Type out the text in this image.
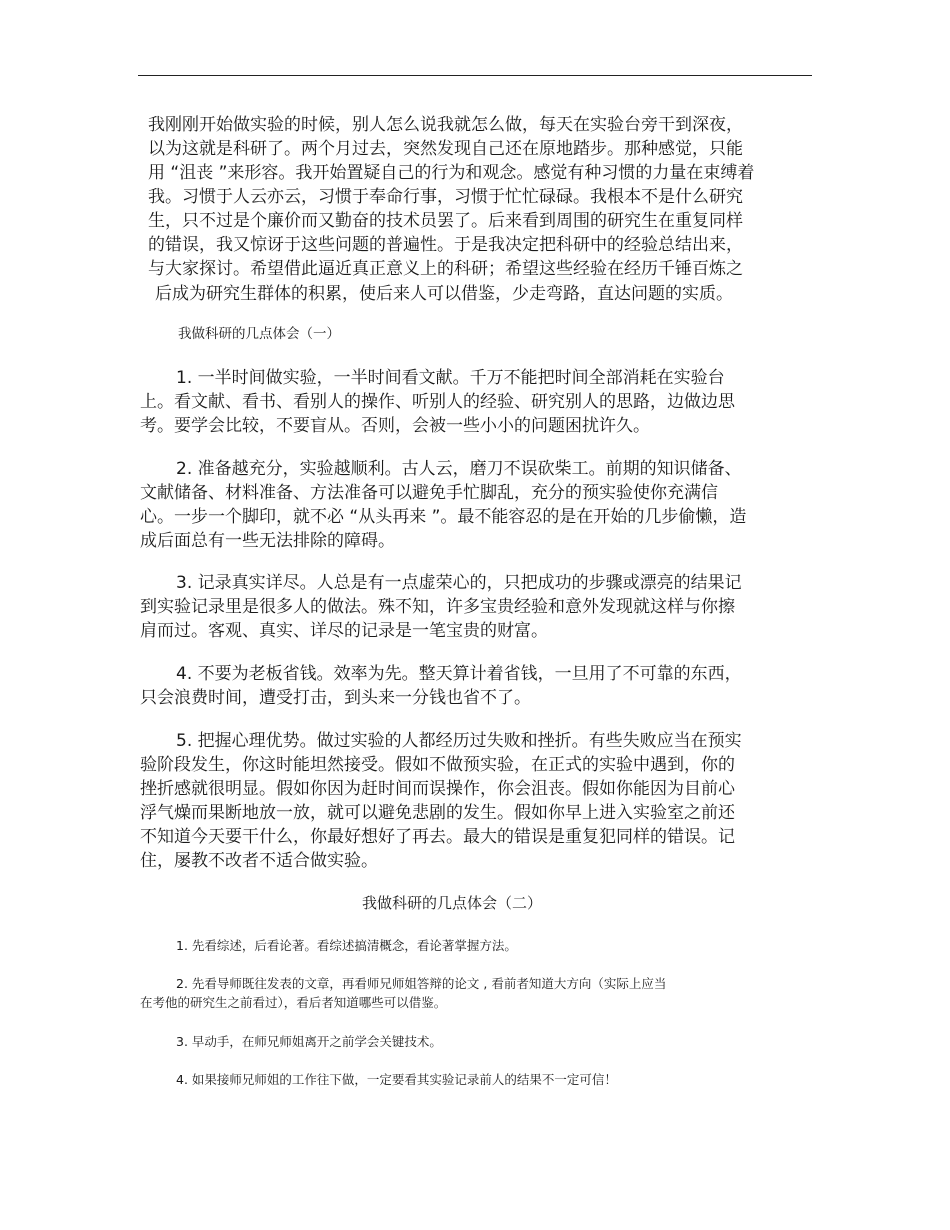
我刚刚开始做实验的时候，别人怎么说我就怎么做，每天在实验台旁干到深夜，
以为这就是科研了。两个月过去，突然发现自己还在原地踏步。那种感觉，只能
用 “沮丧 ”来形容。我开始置疑自己的行为和观念。感觉有种习惯的力量在束缚着
我。习惯于人云亦云，习惯于奉命行事，习惯于忙忙碌碌。我根本不是什么研究
生，只不过是个廉价而又勤奋的技术员罢了。后来看到周围的研究生在重复同样
的错误，我又惊讶于这些问题的普遍性。于是我决定把科研中的经验总结出来，
与大家探讨。希望借此逼近真正意义上的科研；希望这些经验在经历千锤百炼之
后成为研究生群体的积累，使后来人可以借鉴，少走弯路，直达问题的实质。
我做科研的几点体会（一）
1. 一半时间做实验，一半时间看文献。千万不能把时间全部消耗在实验台
上。看文献、看书、看别人的操作、听别人的经验、研究别人的思路，边做边思
考。要学会比较，不要盲从。否则，会被一些小小的问题困扰许久。
2. 准备越充分，实验越顺利。古人云，磨刀不误砍柴工。前期的知识储备、
文献储备、材料准备、方法准备可以避免手忙脚乱，充分的预实验使你充满信
心。一步一个脚印，就不必 “从头再来 ”。最不能容忍的是在开始的几步偷懒，造
成后面总有一些无法排除的障碍。
3. 记录真实详尽。人总是有一点虚荣心的，只把成功的步骤或漂亮的结果记
到实验记录里是很多人的做法。殊不知，许多宝贵经验和意外发现就这样与你擦
肩而过。客观、真实、详尽的记录是一笔宝贵的财富。
4. 不要为老板省钱。效率为先。整天算计着省钱，一旦用了不可靠的东西，
只会浪费时间，遭受打击，到头来一分钱也省不了。
5. 把握心理优势。做过实验的人都经历过失败和挫折。有些失败应当在预实
验阶段发生，你这时能坦然接受。假如不做预实验，在正式的实验中遇到，你的
挫折感就很明显。假如你因为赶时间而误操作，你会沮丧。假如你能因为目前心
浮气燥而果断地放一放，就可以避免悲剧的发生。假如你早上进入实验室之前还
不知道今天要干什么，你最好想好了再去。最大的错误是重复犯同样的错误。记
住，屡教不改者不适合做实验。
我做科研的几点体会（二）
1. 先看综述，后看论著。看综述搞清概念，看论著掌握方法。
2. 先看导师既往发表的文章，再看师兄师姐答辩的论文 , 看前者知道大方向（实际上应当
在考他的研究生之前看过），看后者知道哪些可以借鉴。
3. 早动手，在师兄师姐离开之前学会关键技术。
4. 如果接师兄师姐的工作往下做，一定要看其实验记录前人的结果不一定可信！
